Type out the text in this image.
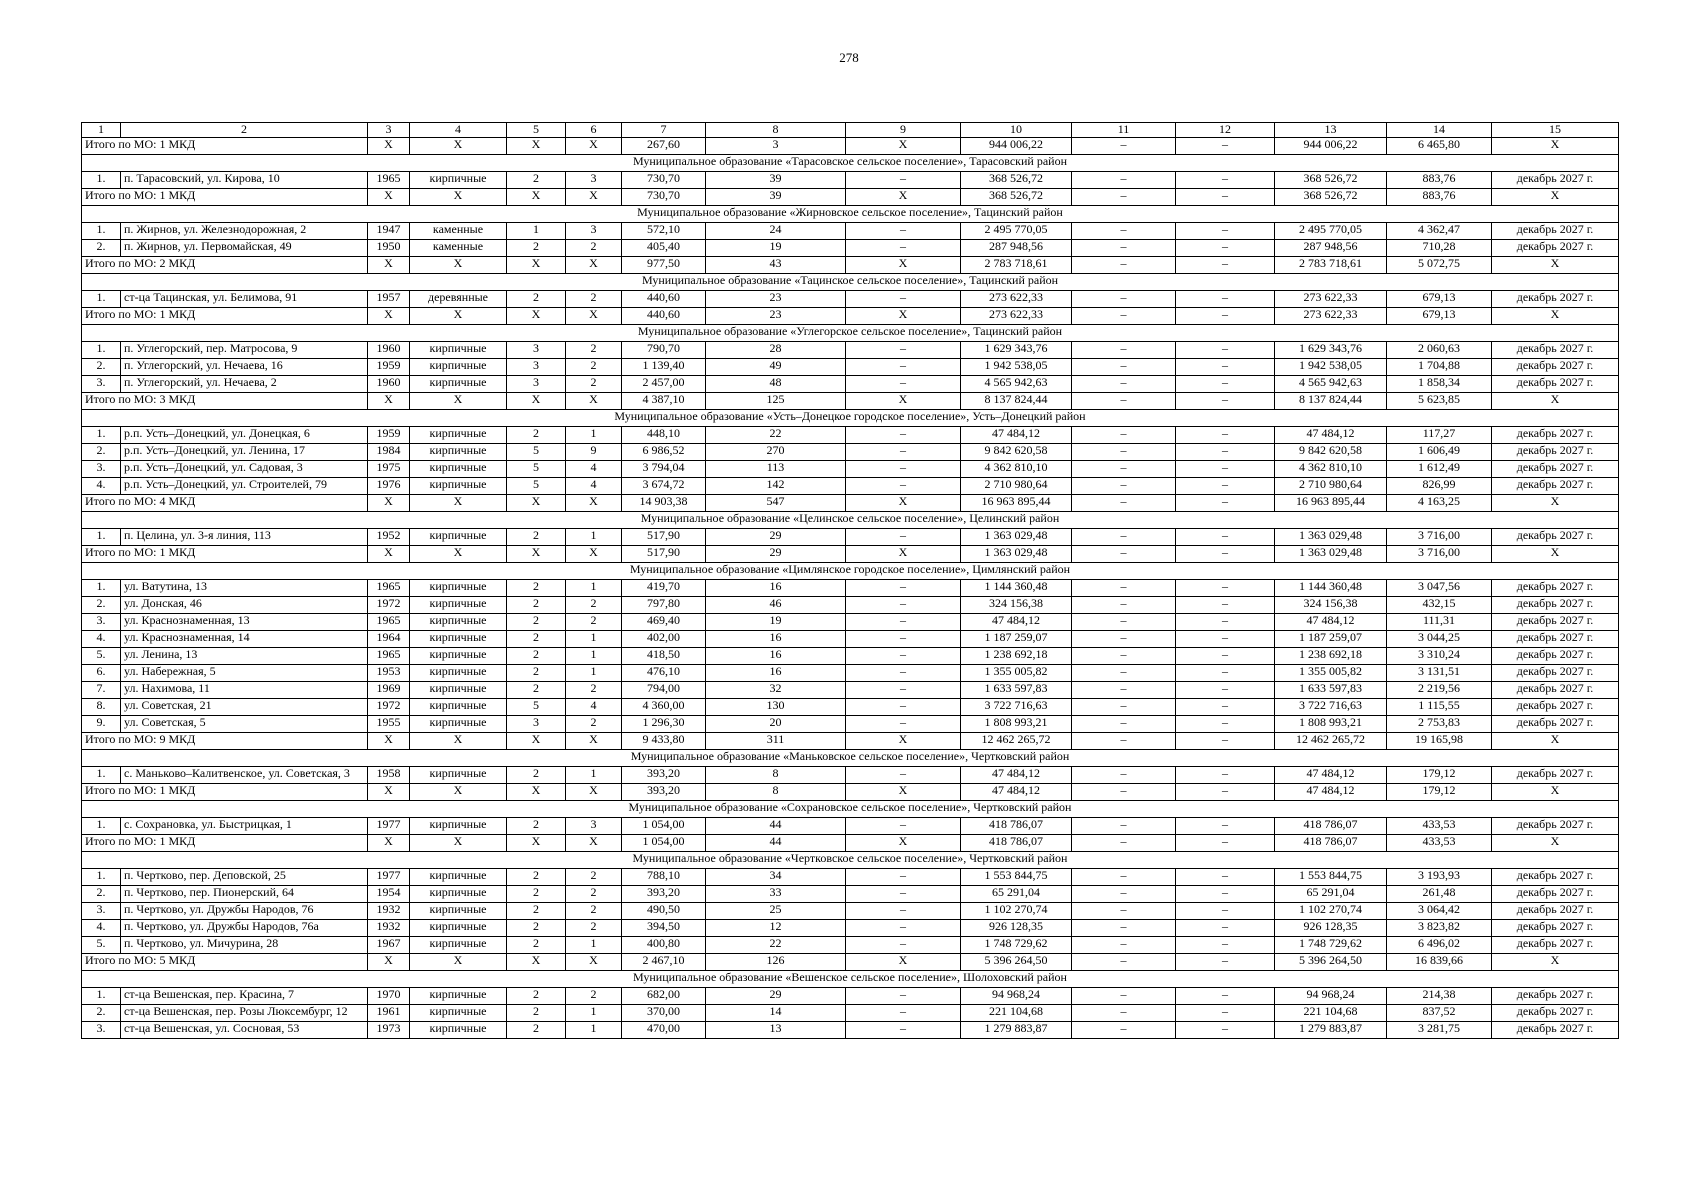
278
1	2	3	4	5	6	7	8	9	10	11	12	13	14	15
Итого по МО: 1 МКД		X	X	X	X	267,60	3	X	944 006,22	–	–	944 006,22	6 465,80	X
Муниципальное образование «Тарасовское сельское поселение», Тарасовский район														
1.	п. Тарасовский, ул. Кирова, 10	1965	кирпичные	2	3	730,70	39	–	368 526,72	–	–	368 526,72	883,76	декабрь 2027 г.
Итого по МО: 1 МКД		X	X	X	X	730,70	39	X	368 526,72	–	–	368 526,72	883,76	X
Муниципальное образование «Жирновское сельское поселение», Тацинский район														
1.	п. Жирнов, ул. Железнодорожная, 2	1947	каменные	1	3	572,10	24	–	2 495 770,05	–	–	2 495 770,05	4 362,47	декабрь 2027 г.
2.	п. Жирнов, ул. Первомайская, 49	1950	каменные	2	2	405,40	19	–	287 948,56	–	–	287 948,56	710,28	декабрь 2027 г.
Итого по МО: 2 МКД		X	X	X	X	977,50	43	X	2 783 718,61	–	–	2 783 718,61	5 072,75	X
Муниципальное образование «Тацинское сельское поселение», Тацинский район														
1.	ст-ца Тацинская, ул. Белимова, 91	1957	деревянные	2	2	440,60	23	–	273 622,33	–	–	273 622,33	679,13	декабрь 2027 г.
Итого по МО: 1 МКД		X	X	X	X	440,60	23	X	273 622,33	–	–	273 622,33	679,13	X
Муниципальное образование «Углегорское сельское поселение», Тацинский район														
1.	п. Углегорский, пер. Матросова, 9	1960	кирпичные	3	2	790,70	28	–	1 629 343,76	–	–	1 629 343,76	2 060,63	декабрь 2027 г.
2.	п. Углегорский, ул. Нечаева, 16	1959	кирпичные	3	2	1 139,40	49	–	1 942 538,05	–	–	1 942 538,05	1 704,88	декабрь 2027 г.
3.	п. Углегорский, ул. Нечаева, 2	1960	кирпичные	3	2	2 457,00	48	–	4 565 942,63	–	–	4 565 942,63	1 858,34	декабрь 2027 г.
Итого по МО: 3 МКД		X	X	X	X	4 387,10	125	X	8 137 824,44	–	–	8 137 824,44	5 623,85	X
Муниципальное образование «Усть–Донецкое городское поселение», Усть–Донецкий район														
1.	р.п. Усть–Донецкий, ул. Донецкая, 6	1959	кирпичные	2	1	448,10	22	–	47 484,12	–	–	47 484,12	117,27	декабрь 2027 г.
2.	р.п. Усть–Донецкий, ул. Ленина, 17	1984	кирпичные	5	9	6 986,52	270	–	9 842 620,58	–	–	9 842 620,58	1 606,49	декабрь 2027 г.
3.	р.п. Усть–Донецкий, ул. Садовая, 3	1975	кирпичные	5	4	3 794,04	113	–	4 362 810,10	–	–	4 362 810,10	1 612,49	декабрь 2027 г.
4.	р.п. Усть–Донецкий, ул. Строителей, 79	1976	кирпичные	5	4	3 674,72	142	–	2 710 980,64	–	–	2 710 980,64	826,99	декабрь 2027 г.
Итого по МО: 4 МКД		X	X	X	X	14 903,38	547	X	16 963 895,44	–	–	16 963 895,44	4 163,25	X
Муниципальное образование «Целинское сельское поселение», Целинский район														
1.	п. Целина, ул. 3-я линия, 113	1952	кирпичные	2	1	517,90	29	–	1 363 029,48	–	–	1 363 029,48	3 716,00	декабрь 2027 г.
Итого по МО: 1 МКД		X	X	X	X	517,90	29	X	1 363 029,48	–	–	1 363 029,48	3 716,00	X
Муниципальное образование «Цимлянское городское поселение», Цимлянский район														
1.	ул. Ватутина, 13	1965	кирпичные	2	1	419,70	16	–	1 144 360,48	–	–	1 144 360,48	3 047,56	декабрь 2027 г.
2.	ул. Донская, 46	1972	кирпичные	2	2	797,80	46	–	324 156,38	–	–	324 156,38	432,15	декабрь 2027 г.
3.	ул. Краснознаменная, 13	1965	кирпичные	2	2	469,40	19	–	47 484,12	–	–	47 484,12	111,31	декабрь 2027 г.
4.	ул. Краснознаменная, 14	1964	кирпичные	2	1	402,00	16	–	1 187 259,07	–	–	1 187 259,07	3 044,25	декабрь 2027 г.
5.	ул. Ленина, 13	1965	кирпичные	2	1	418,50	16	–	1 238 692,18	–	–	1 238 692,18	3 310,24	декабрь 2027 г.
6.	ул. Набережная, 5	1953	кирпичные	2	1	476,10	16	–	1 355 005,82	–	–	1 355 005,82	3 131,51	декабрь 2027 г.
7.	ул. Нахимова, 11	1969	кирпичные	2	2	794,00	32	–	1 633 597,83	–	–	1 633 597,83	2 219,56	декабрь 2027 г.
8.	ул. Советская, 21	1972	кирпичные	5	4	4 360,00	130	–	3 722 716,63	–	–	3 722 716,63	1 115,55	декабрь 2027 г.
9.	ул. Советская, 5	1955	кирпичные	3	2	1 296,30	20	–	1 808 993,21	–	–	1 808 993,21	2 753,83	декабрь 2027 г.
Итого по МО: 9 МКД		X	X	X	X	9 433,80	311	X	12 462 265,72	–	–	12 462 265,72	19 165,98	X
Муниципальное образование «Маньковское сельское поселение», Чертковский район														
1.	с. Маньково–Калитвенское, ул. Советская, 3	1958	кирпичные	2	1	393,20	8	–	47 484,12	–	–	47 484,12	179,12	декабрь 2027 г.
Итого по МО: 1 МКД		X	X	X	X	393,20	8	X	47 484,12	–	–	47 484,12	179,12	X
Муниципальное образование «Сохрановское сельское поселение», Чертковский район														
1.	с. Сохрановка, ул. Быстрицкая, 1	1977	кирпичные	2	3	1 054,00	44	–	418 786,07	–	–	418 786,07	433,53	декабрь 2027 г.
Итого по МО: 1 МКД		X	X	X	X	1 054,00	44	X	418 786,07	–	–	418 786,07	433,53	X
Муниципальное образование «Чертковское сельское поселение», Чертковский район														
1.	п. Чертково, пер. Деповской, 25	1977	кирпичные	2	2	788,10	34	–	1 553 844,75	–	–	1 553 844,75	3 193,93	декабрь 2027 г.
2.	п. Чертково, пер. Пионерский, 64	1954	кирпичные	2	2	393,20	33	–	65 291,04	–	–	65 291,04	261,48	декабрь 2027 г.
3.	п. Чертково, ул. Дружбы Народов, 76	1932	кирпичные	2	2	490,50	25	–	1 102 270,74	–	–	1 102 270,74	3 064,42	декабрь 2027 г.
4.	п. Чертково, ул. Дружбы Народов, 76а	1932	кирпичные	2	2	394,50	12	–	926 128,35	–	–	926 128,35	3 823,82	декабрь 2027 г.
5.	п. Чертково, ул. Мичурина, 28	1967	кирпичные	2	1	400,80	22	–	1 748 729,62	–	–	1 748 729,62	6 496,02	декабрь 2027 г.
Итого по МО: 5 МКД		X	X	X	X	2 467,10	126	X	5 396 264,50	–	–	5 396 264,50	16 839,66	X
Муниципальное образование «Вешенское сельское поселение», Шолоховский район														
1.	ст-ца Вешенская, пер. Красина, 7	1970	кирпичные	2	2	682,00	29	–	94 968,24	–	–	94 968,24	214,38	декабрь 2027 г.
2.	ст-ца Вешенская, пер. Розы Люксембург, 12	1961	кирпичные	2	1	370,00	14	–	221 104,68	–	–	221 104,68	837,52	декабрь 2027 г.
3.	ст-ца Вешенская, ул. Сосновая, 53	1973	кирпичные	2	1	470,00	13	–	1 279 883,87	–	–	1 279 883,87	3 281,75	декабрь 2027 г.
